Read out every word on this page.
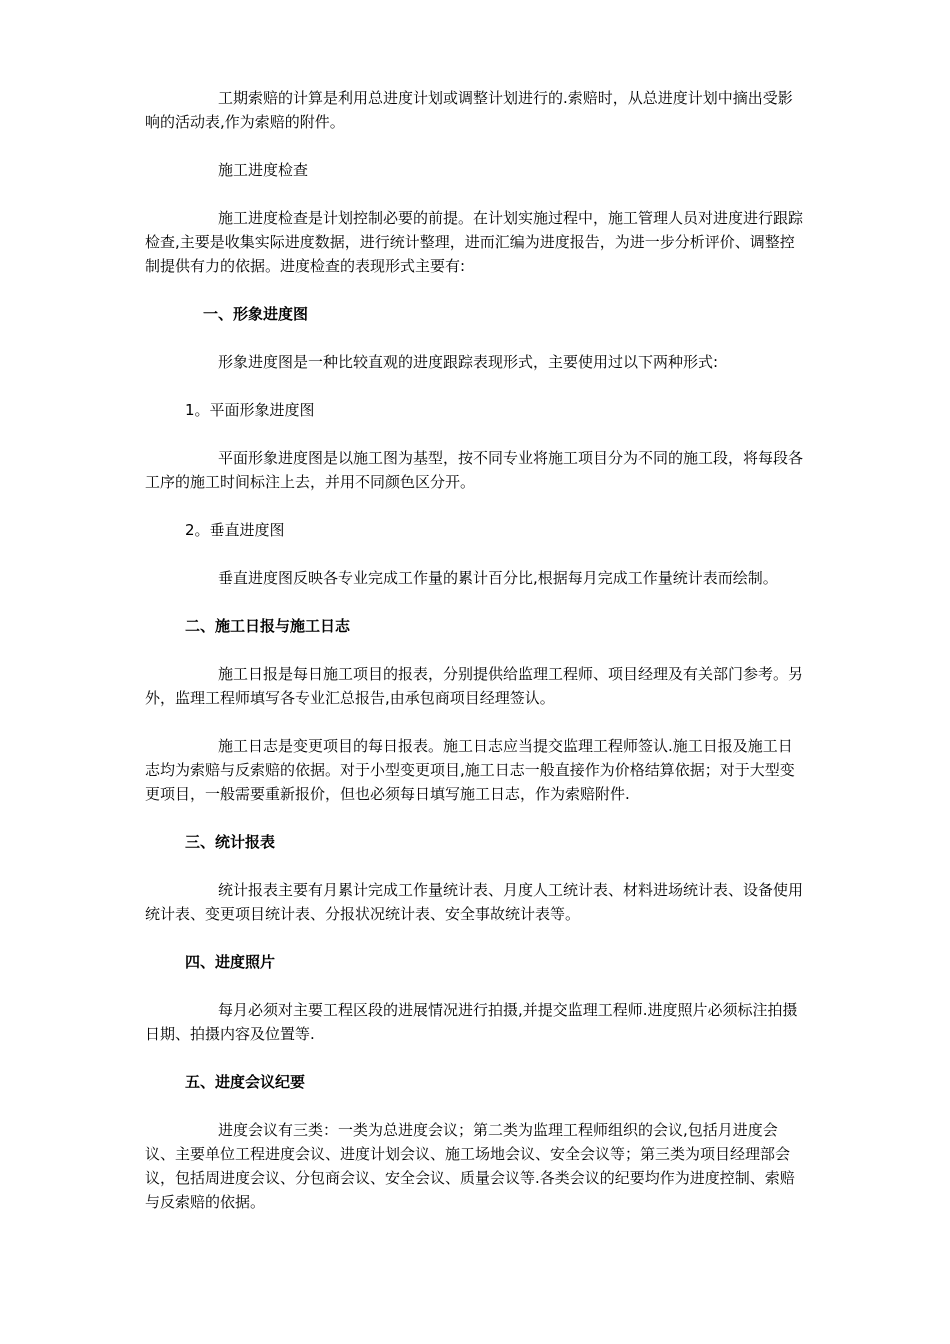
工期索赔的计算是利用总进度计划或调整计划进行的.索赔时，从总进度计划中摘出受影响的活动表,作为索赔的附件。

施工进度检查

施工进度检查是计划控制必要的前提。在计划实施过程中，施工管理人员对进度进行跟踪检查,主要是收集实际进度数据，进行统计整理，进而汇编为进度报告，为进一步分析评价、调整控制提供有力的依据。进度检查的表现形式主要有:

一、形象进度图

形象进度图是一种比较直观的进度跟踪表现形式，主要使用过以下两种形式:

1。平面形象进度图

平面形象进度图是以施工图为基型，按不同专业将施工项目分为不同的施工段，将每段各工序的施工时间标注上去，并用不同颜色区分开。

2。垂直进度图

垂直进度图反映各专业完成工作量的累计百分比,根据每月完成工作量统计表而绘制。

二、施工日报与施工日志

施工日报是每日施工项目的报表，分别提供给监理工程师、项目经理及有关部门参考。另外，监理工程师填写各专业汇总报告,由承包商项目经理签认。

施工日志是变更项目的每日报表。施工日志应当提交监理工程师签认.施工日报及施工日志均为索赔与反索赔的依据。对于小型变更项目,施工日志一般直接作为价格结算依据；对于大型变更项目，一般需要重新报价，但也必须每日填写施工日志，作为索赔附件.

三、统计报表

统计报表主要有月累计完成工作量统计表、月度人工统计表、材料进场统计表、设备使用统计表、变更项目统计表、分报状况统计表、安全事故统计表等。

四、进度照片

每月必须对主要工程区段的进展情况进行拍摄,并提交监理工程师.进度照片必须标注拍摄日期、拍摄内容及位置等.

五、进度会议纪要

进度会议有三类：一类为总进度会议；第二类为监理工程师组织的会议,包括月进度会议、主要单位工程进度会议、进度计划会议、施工场地会议、安全会议等；第三类为项目经理部会议，包括周进度会议、分包商会议、安全会议、质量会议等.各类会议的纪要均作为进度控制、索赔与反索赔的依据。
